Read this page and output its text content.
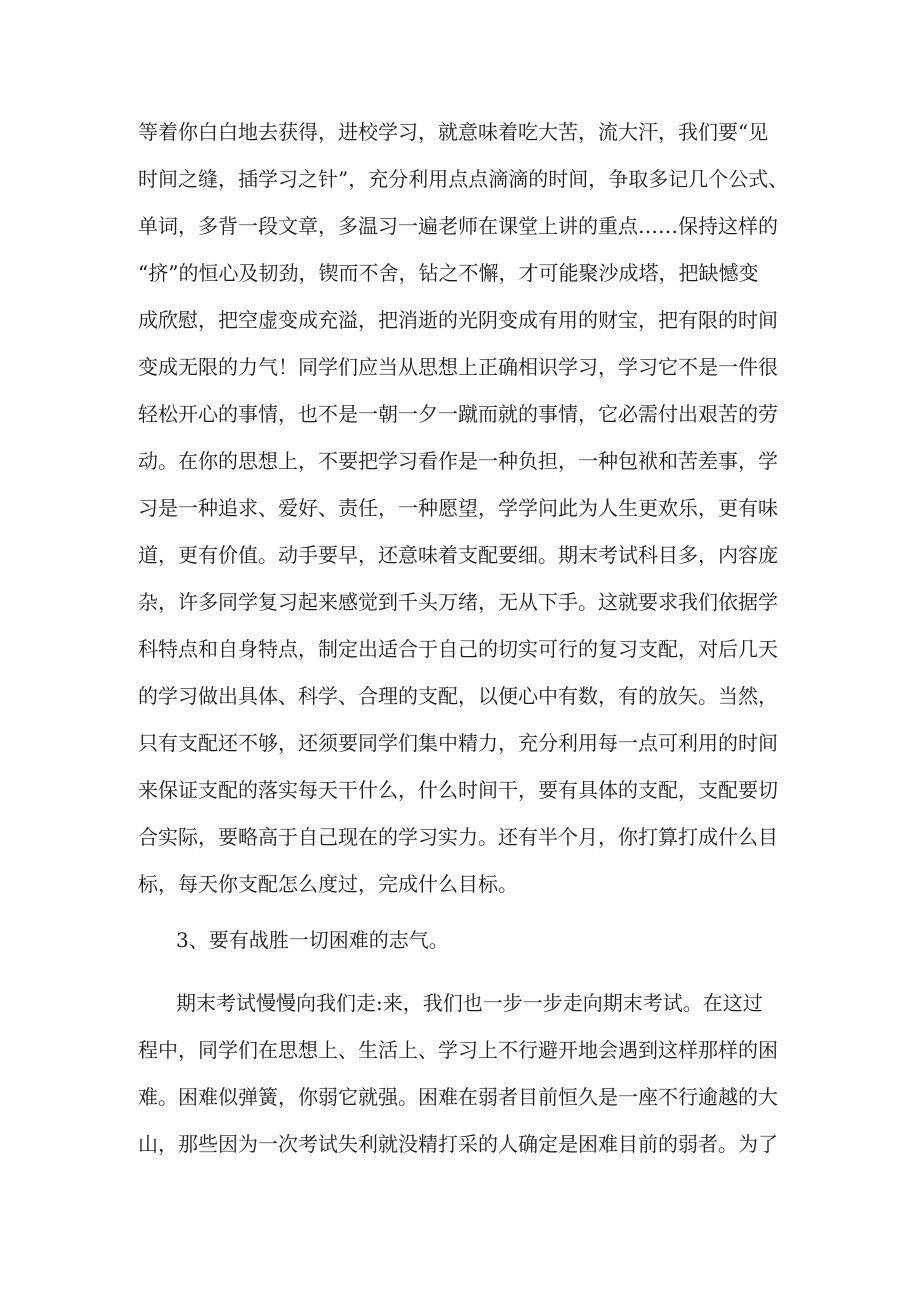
等着你白白地去获得，进校学习，就意味着吃大苦，流大汗，我们要“见
时间之缝，插学习之针”，充分利用点点滴滴的时间，争取多记几个公式、
单词，多背一段文章，多温习一遍老师在课堂上讲的重点……保持这样的
“挤”的恒心及韧劲，锲而不舍，钻之不懈，才可能聚沙成塔，把缺憾变
成欣慰，把空虚变成充溢，把消逝的光阴变成有用的财宝，把有限的时间
变成无限的力气！同学们应当从思想上正确相识学习，学习它不是一件很
轻松开心的事情，也不是一朝一夕一蹴而就的事情，它必需付出艰苦的劳
动。在你的思想上，不要把学习看作是一种负担，一种包袱和苦差事，学
习是一种追求、爱好、责任，一种愿望，学学问此为人生更欢乐，更有味
道，更有价值。动手要早，还意味着支配要细。期末考试科目多，内容庞
杂，许多同学复习起来感觉到千头万绪，无从下手。这就要求我们依据学
科特点和自身特点，制定出适合于自己的切实可行的复习支配，对后几天
的学习做出具体、科学、合理的支配，以便心中有数，有的放矢。当然，
只有支配还不够，还须要同学们集中精力，充分利用每一点可利用的时间
来保证支配的落实每天干什么，什么时间干，要有具体的支配，支配要切
合实际，要略高于自己现在的学习实力。还有半个月，你打算打成什么目
标，每天你支配怎么度过，完成什么目标。
3、要有战胜一切困难的志气。
期末考试慢慢向我们走:来，我们也一步一步走向期末考试。在这过
程中，同学们在思想上、生活上、学习上不行避开地会遇到这样那样的困
难。困难似弹簧，你弱它就强。困难在弱者目前恒久是一座不行逾越的大
山，那些因为一次考试失利就没精打采的人确定是困难目前的弱者。为了
